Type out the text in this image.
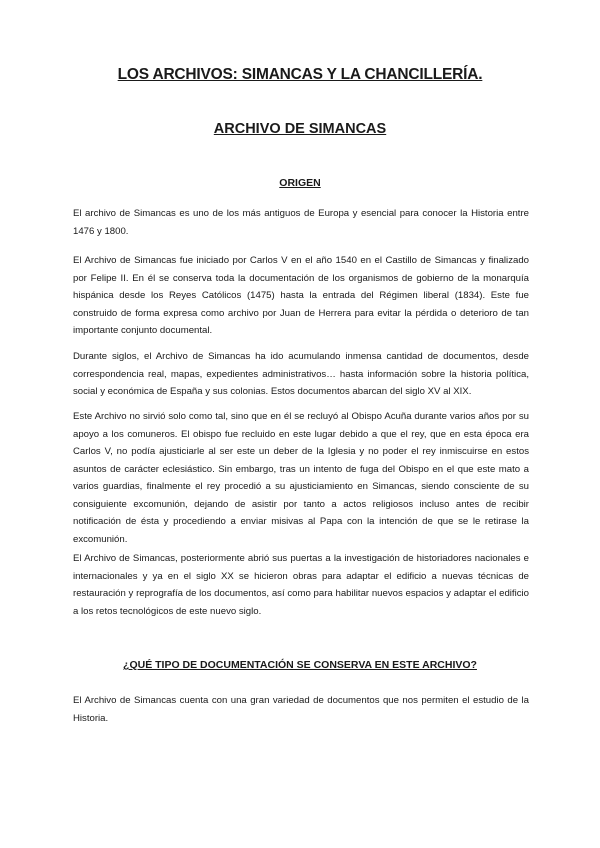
LOS ARCHIVOS: SIMANCAS Y LA CHANCILLERÍA.
ARCHIVO DE SIMANCAS
ORIGEN

El archivo de Simancas es uno de los más antiguos de Europa y esencial para conocer la Historia entre 1476 y 1800.

El Archivo de Simancas fue iniciado por Carlos V en el año 1540 en el Castillo de Simancas y finalizado por Felipe II. En él se conserva toda la documentación de los organismos de gobierno de la monarquía hispánica desde los Reyes Católicos (1475) hasta la entrada del Régimen liberal (1834). Este fue construido de forma expresa como archivo por Juan de Herrera para evitar la pérdida o deterioro de tan importante conjunto documental.

Durante siglos, el Archivo de Simancas ha ido acumulando inmensa cantidad de documentos, desde correspondencia real, mapas, expedientes administrativos… hasta información sobre la historia política, social y económica de España y sus colonias. Estos documentos abarcan del siglo XV al XIX.

Este Archivo no sirvió solo como tal, sino que en él se recluyó al Obispo Acuña durante varios años por su apoyo a los comuneros. El obispo fue recluido en este lugar debido a que el rey, que en esta época era Carlos V, no podía ajusticiarle al ser este un deber de la Iglesia y no poder el rey inmiscuirse en estos asuntos de carácter eclesiástico. Sin embargo, tras un intento de fuga del Obispo en el que este mato a varios guardias, finalmente el rey procedió a su ajusticiamiento en Simancas, siendo consciente de su consiguiente excomunión, dejando de asistir por tanto a actos religiosos incluso antes de recibir notificación de ésta y procediendo a enviar misivas al Papa con la intención de que se le retirase la excomunión.

El Archivo de Simancas, posteriormente abrió sus puertas a la investigación de historiadores nacionales e internacionales y ya en el siglo XX se hicieron obras para adaptar el edificio a nuevas técnicas de restauración y reprografía de los documentos, así como para habilitar nuevos espacios y adaptar el edificio a los retos tecnológicos de este nuevo siglo.

¿QUÉ TIPO DE DOCUMENTACIÓN SE CONSERVA EN ESTE ARCHIVO?

El Archivo de Simancas cuenta con una gran variedad de documentos que nos permiten el estudio de la Historia.
